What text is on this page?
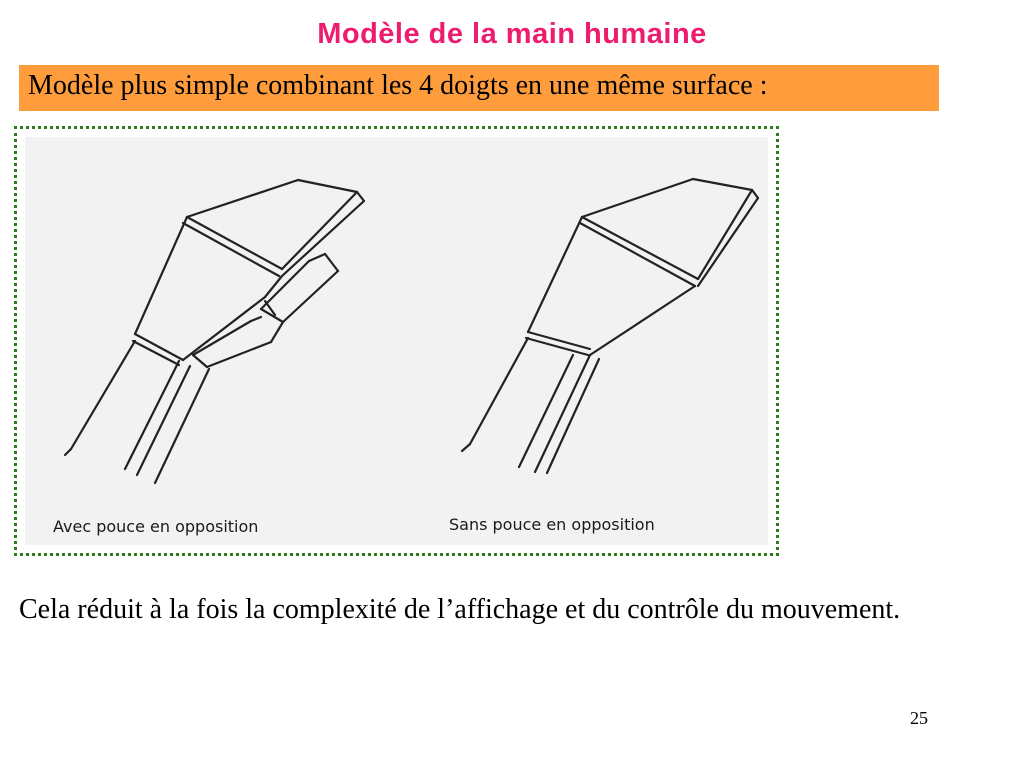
Modèle de la main humaine
Modèle plus simple combinant les 4 doigts en une même surface :
Avec pouce en opposition	Sans pouce en opposition
Cela réduit à la fois la complexité de l’affichage et du contrôle du mouvement.
25
